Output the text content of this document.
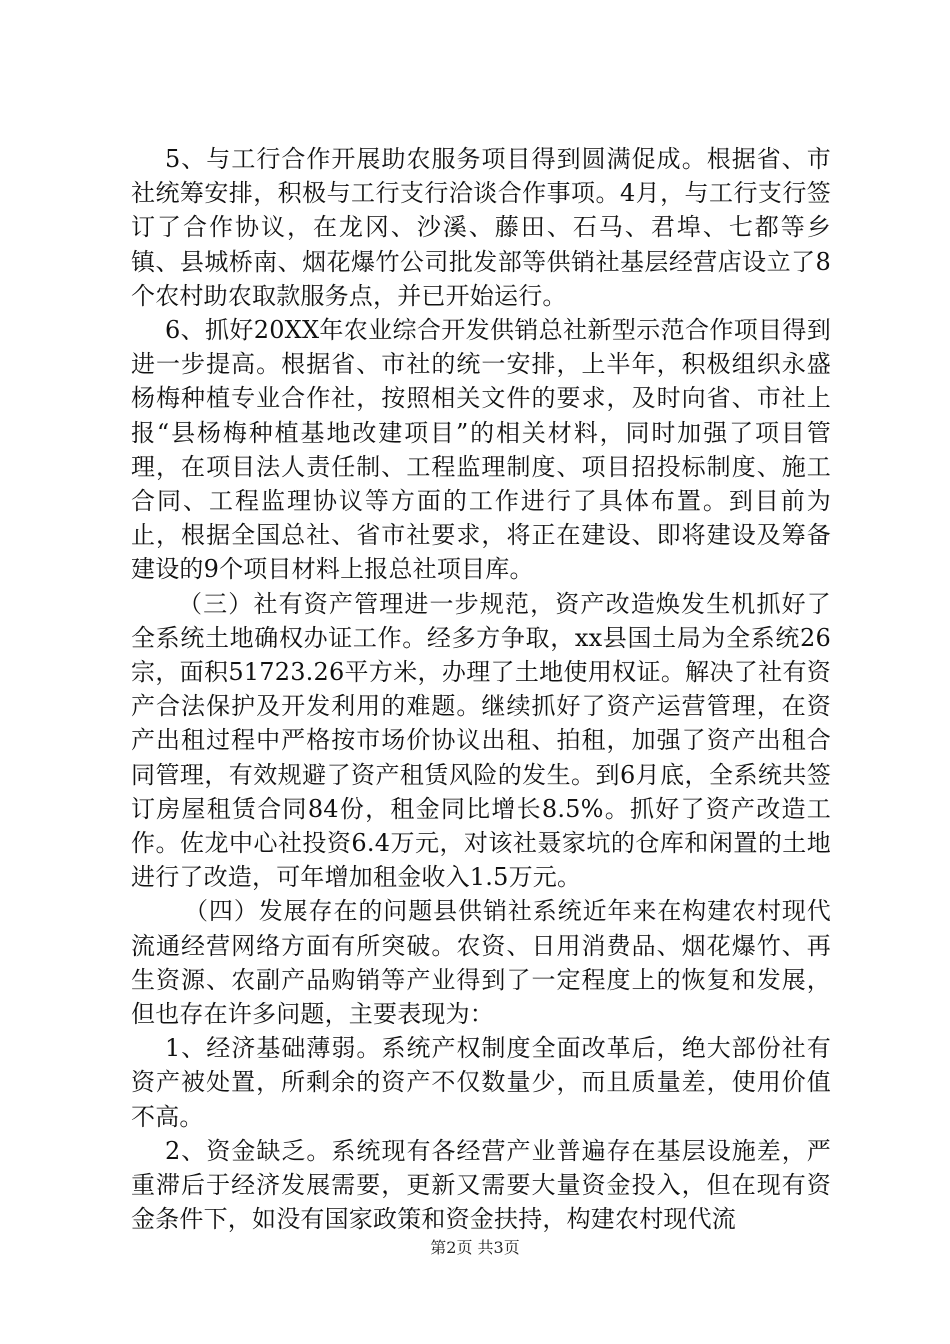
5、与工行合作开展助农服务项目得到圆满促成。根据省、市社统筹安排，积极与工行支行洽谈合作事项。4月，与工行支行签订了合作协议，在龙冈、沙溪、藤田、石马、君埠、七都等乡镇、县城桥南、烟花爆竹公司批发部等供销社基层经营店设立了8个农村助农取款服务点，并已开始运行。

6、抓好20XX年农业综合开发供销总社新型示范合作项目得到进一步提高。根据省、市社的统一安排，上半年，积极组织永盛杨梅种植专业合作社，按照相关文件的要求，及时向省、市社上报“县杨梅种植基地改建项目”的相关材料，同时加强了项目管理，在项目法人责任制、工程监理制度、项目招投标制度、施工合同、工程监理协议等方面的工作进行了具体布置。到目前为止，根据全国总社、省市社要求，将正在建设、即将建设及筹备建设的9个项目材料上报总社项目库。

（三）社有资产管理进一步规范，资产改造焕发生机抓好了全系统土地确权办证工作。经多方争取，xx县国土局为全系统26宗，面积51723.26平方米，办理了土地使用权证。解决了社有资产合法保护及开发利用的难题。继续抓好了资产运营管理，在资产出租过程中严格按市场价协议出租、拍租，加强了资产出租合同管理，有效规避了资产租赁风险的发生。到6月底，全系统共签订房屋租赁合同84份，租金同比增长8.5%。抓好了资产改造工作。佐龙中心社投资6.4万元，对该社聂家坑的仓库和闲置的土地进行了改造，可年增加租金收入1.5万元。

（四）发展存在的问题县供销社系统近年来在构建农村现代流通经营网络方面有所突破。农资、日用消费品、烟花爆竹、再生资源、农副产品购销等产业得到了一定程度上的恢复和发展，但也存在许多问题，主要表现为：

1、经济基础薄弱。系统产权制度全面改革后，绝大部份社有资产被处置，所剩余的资产不仅数量少，而且质量差，使用价值不高。

2、资金缺乏。系统现有各经营产业普遍存在基层设施差，严重滞后于经济发展需要，更新又需要大量资金投入，但在现有资金条件下，如没有国家政策和资金扶持，构建农村现代流

第2页 共3页
